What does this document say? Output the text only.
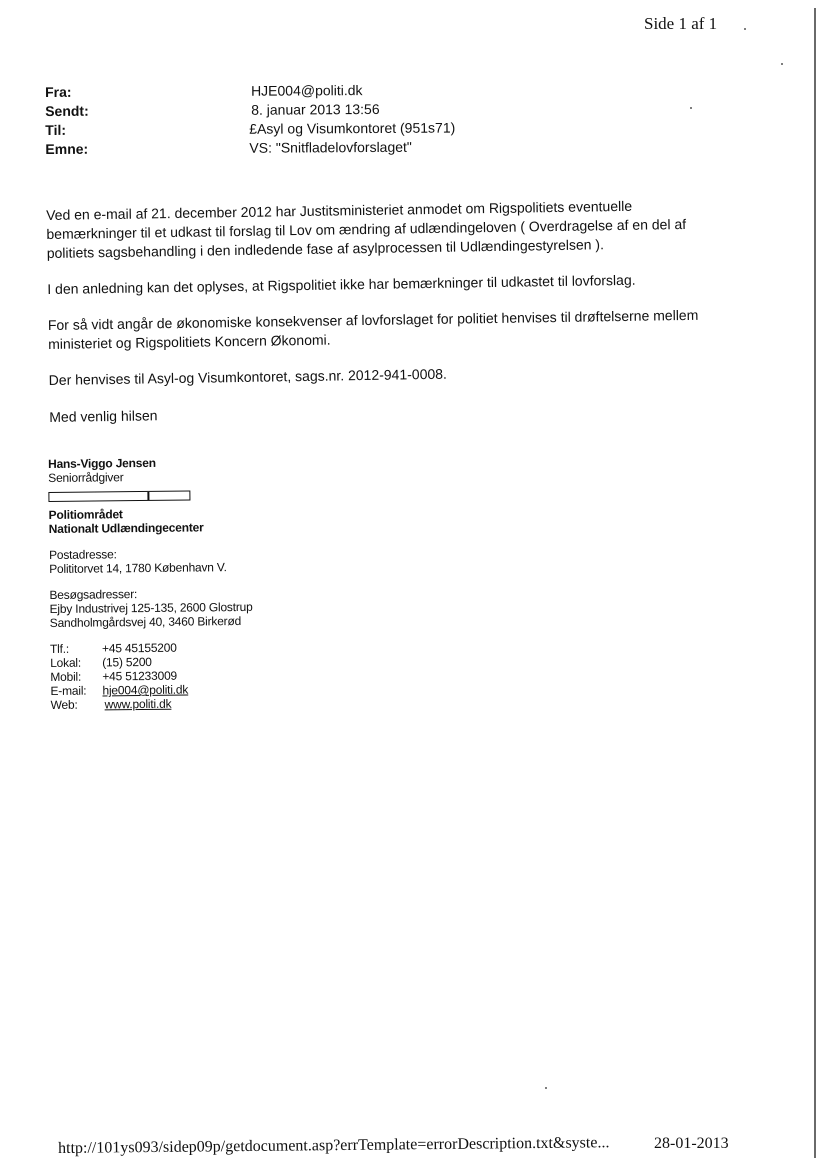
Side 1 af 1
Fra:	HJE004@politi.dk
Sendt:	8. januar 2013 13:56
Til:	£Asyl og Visumkontoret (951s71)
Emne:	VS: "Snitfladelovforslaget"

Ved en e-mail af 21. december 2012 har Justitsministeriet anmodet om Rigspolitiets eventuelle bemærkninger til et udkast til forslag til Lov om ændring af udlændingeloven ( Overdragelse af en del af politiets sagsbehandling i den indledende fase af asylprocessen til Udlændingestyrelsen ).

I den anledning kan det oplyses, at Rigspolitiet ikke har bemærkninger til udkastet til lovforslag.

For så vidt angår de økonomiske konsekvenser af lovforslaget for politiet henvises til drøftelserne mellem ministeriet og Rigspolitiets Koncern Økonomi.

Der henvises til Asyl-og Visumkontoret, sags.nr. 2012-941-0008.

Med venlig hilsen

Hans-Viggo Jensen
Seniorrådgiver
Politiområdet
Nationalt Udlændingecenter
Postadresse:
Polititorvet 14, 1780 København V.
Besøgsadresser:
Ejby Industrivej 125-135, 2600 Glostrup
Sandholmgårdsvej 40, 3460 Birkerød
Tlf.:	+45 45155200
Lokal:	(15) 5200
Mobil:	+45 51233009
E-mail:	hje004@politi.dk
Web:	www.politi.dk
http://101ys093/sidep09p/getdocument.asp?errTemplate=errorDescription.txt&syste...	28-01-2013
